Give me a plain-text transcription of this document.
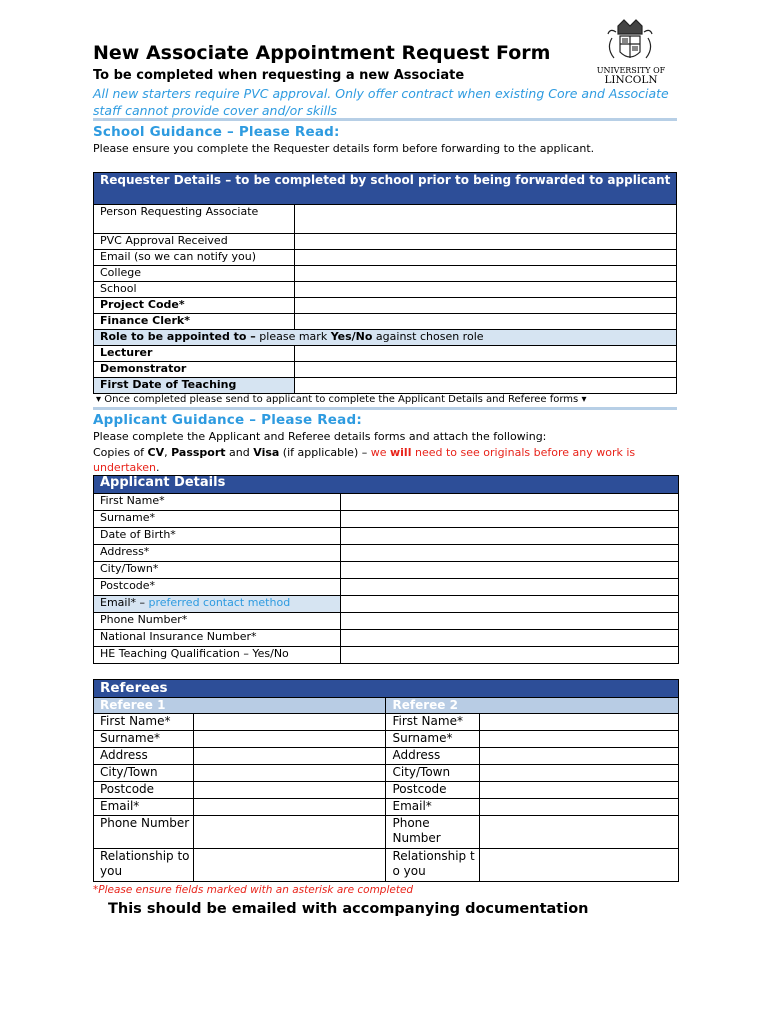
New Associate Appointment Request Form
To be completed when requesting a new Associate
All new starters require PVC approval. Only offer contract when existing Core and Associate staff cannot provide cover and/or skills
UNIVERSITY OF
LINCOLN
School Guidance – Please Read:
Please ensure you complete the Requester details form before forwarding to the applicant.
Requester Details – to be completed by school prior to being forwarded to applicant	
Person Requesting Associate	
PVC Approval Received	
Email (so we can notify you)	
College	
School	
Project Code*	
Finance Clerk*	
Role to be appointed to – please mark Yes/No against chosen role	
Lecturer	
Demonstrator	
First Date of Teaching	
▾ Once completed please send to applicant to complete the Applicant Details and Referee forms ▾
Applicant Guidance – Please Read:
Please complete the Applicant and Referee details forms and attach the following:
Copies of CV, Passport and Visa (if applicable) – we will need to see originals before any work is undertaken.
Applicant Details	
First Name*	
Surname*	
Date of Birth*	
Address*	
City/Town*	
Postcode*	
Email* – preferred contact method	
Phone Number*	
National Insurance Number*	
HE Teaching Qualification – Yes/No	
Referees			
Referee 1		Referee 2	
First Name*		First Name*	
Surname*		Surname*	
Address		Address	
City/Town		City/Town	
Postcode		Postcode	
Email*		Email*	
Phone Number		Phone Number	
Relationship to you		Relationship to you	
*Please ensure fields marked with an asterisk are completed
This should be emailed with accompanying documentation
